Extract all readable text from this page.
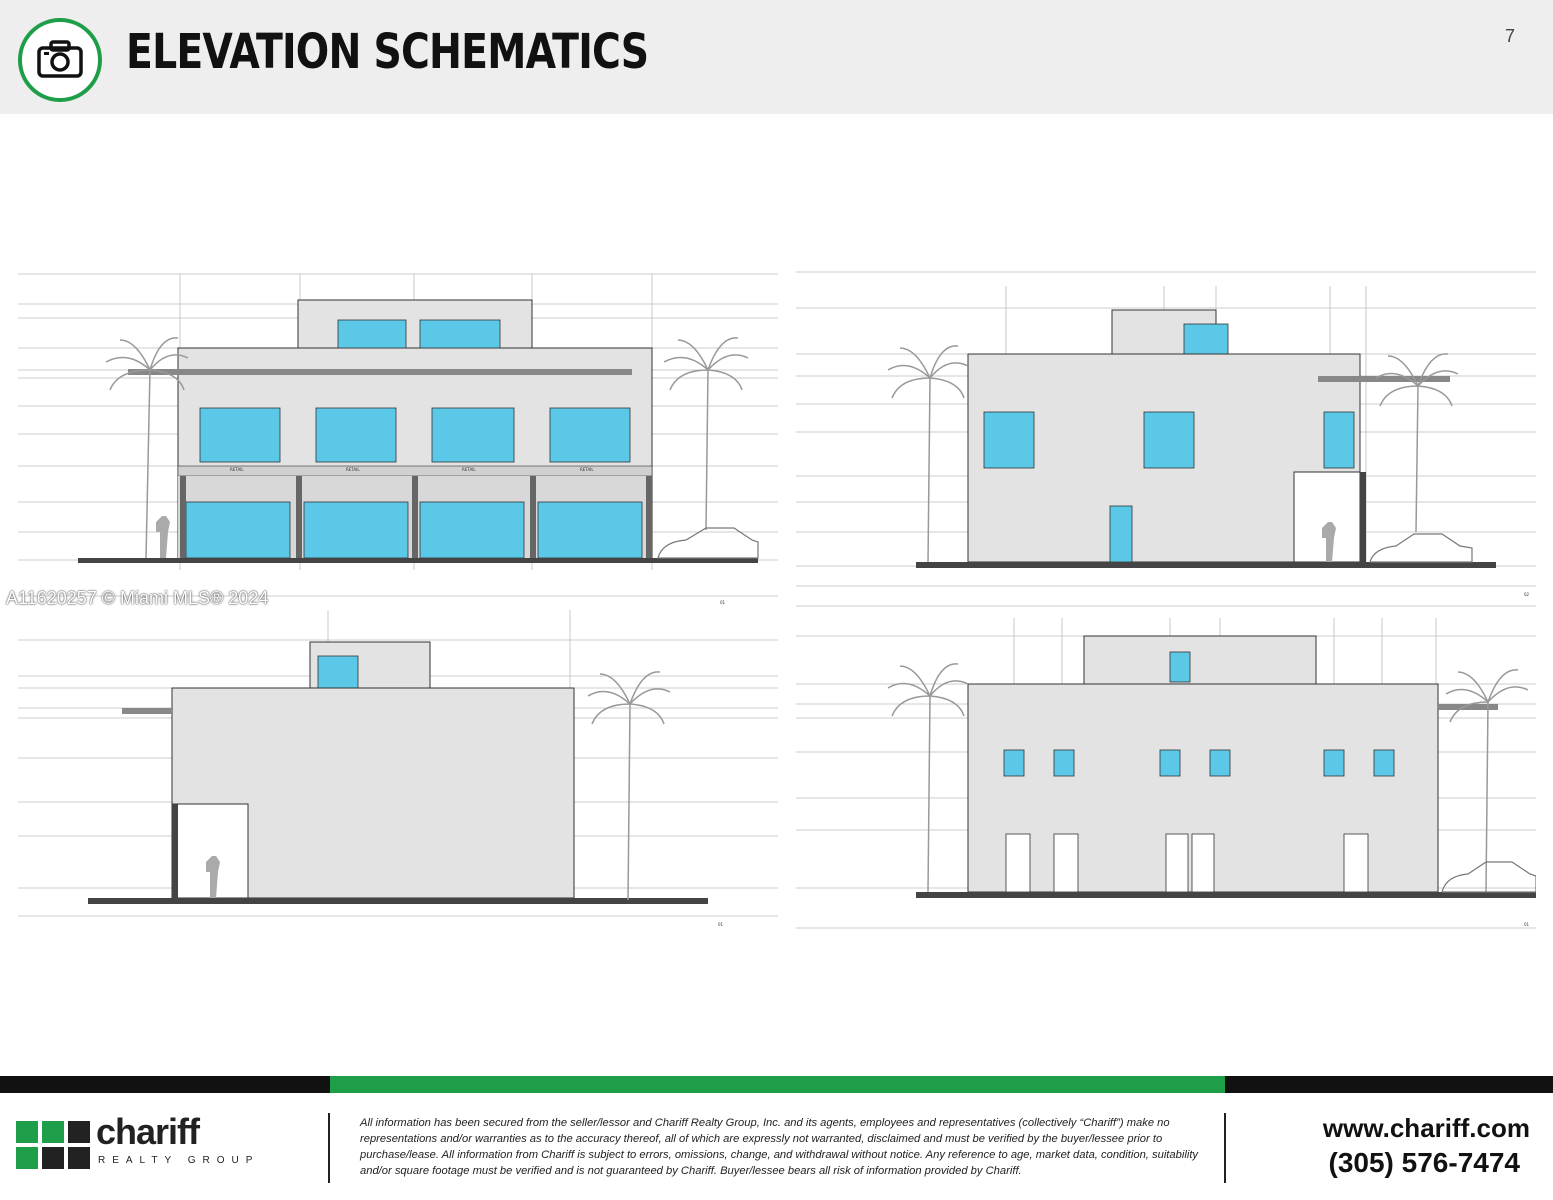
ELEVATION SCHEMATICS	7
RETAIL	RETAIL	RETAIL	RETAIL
01
02
01	01
A11620257 © Miami MLS® 2024
chariff
REALTY GROUP
All information has been secured from the seller/lessor and Chariff Realty Group, Inc. and its agents, employees and representatives (collectively “Chariff”) make no representations and/or warranties as to the accuracy thereof, all of which are expressly not warranted, disclaimed and must be verified by the buyer/lessee prior to purchase/lease. All information from Chariff is subject to errors, omissions, change, and withdrawal without notice. Any reference to age, market data, condition, suitability and/or square footage must be verified and is not guaranteed by Chariff. Buyer/lessee bears all risk of information provided by Chariff.
www.chariff.com
(305) 576-7474
